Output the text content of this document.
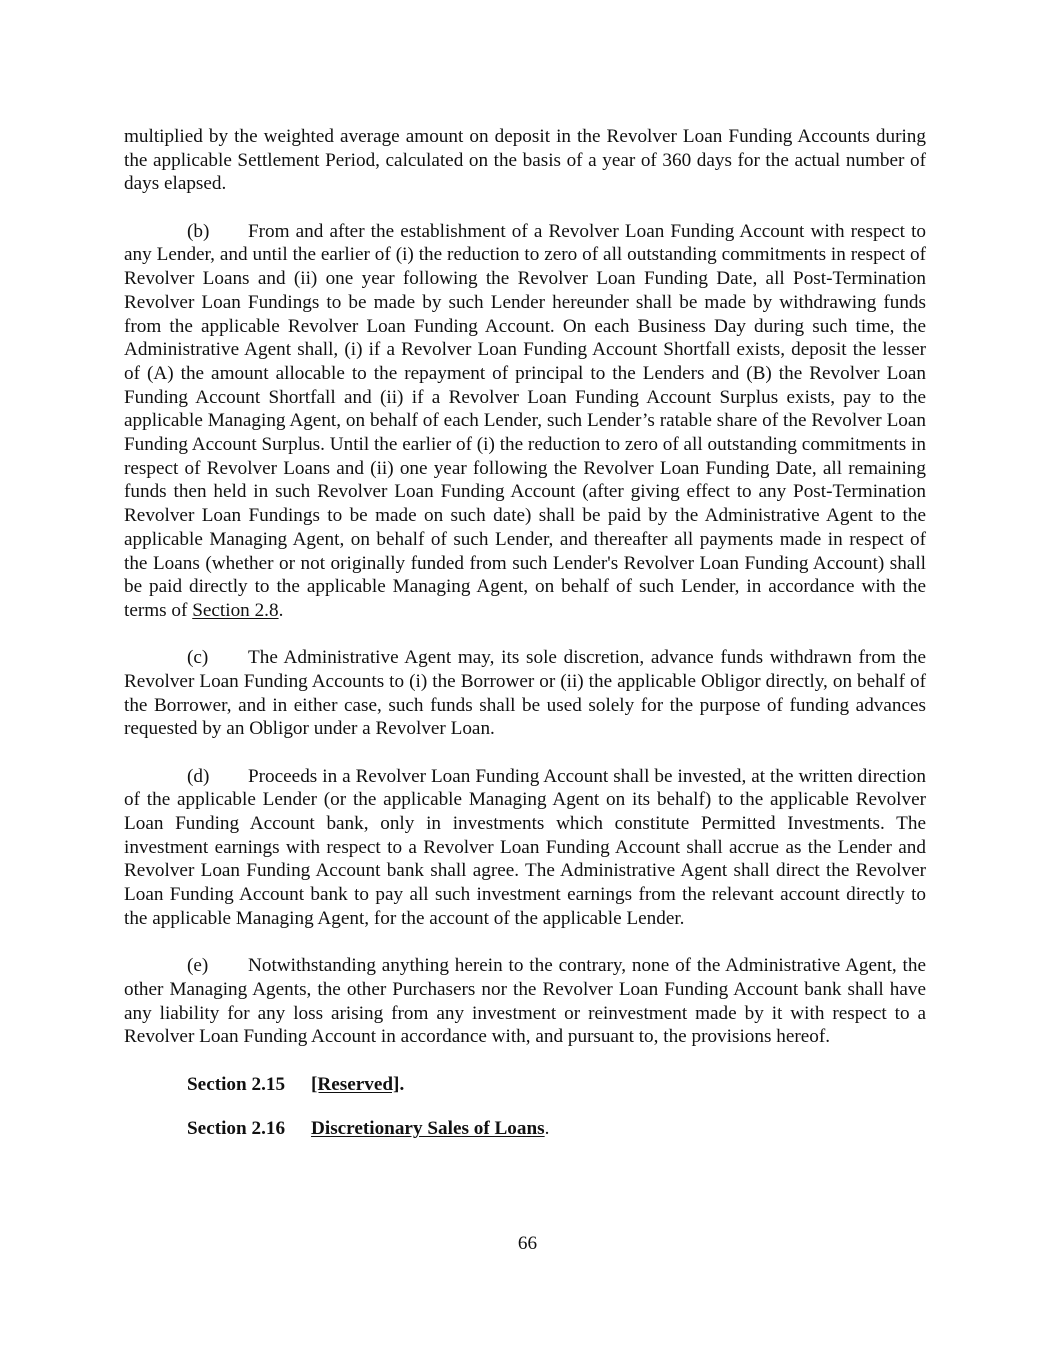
multiplied by the weighted average amount on deposit in the Revolver Loan Funding Accounts during the applicable Settlement Period, calculated on the basis of a year of 360 days for the actual number of days elapsed.

(b) From and after the establishment of a Revolver Loan Funding Account with respect to any Lender, and until the earlier of (i) the reduction to zero of all outstanding commitments in respect of Revolver Loans and (ii) one year following the Revolver Loan Funding Date, all Post-Termination Revolver Loan Fundings to be made by such Lender hereunder shall be made by withdrawing funds from the applicable Revolver Loan Funding Account. On each Business Day during such time, the Administrative Agent shall, (i) if a Revolver Loan Funding Account Shortfall exists, deposit the lesser of (A) the amount allocable to the repayment of principal to the Lenders and (B) the Revolver Loan Funding Account Shortfall and (ii) if a Revolver Loan Funding Account Surplus exists, pay to the applicable Managing Agent, on behalf of each Lender, such Lender’s ratable share of the Revolver Loan Funding Account Surplus. Until the earlier of (i) the reduction to zero of all outstanding commitments in respect of Revolver Loans and (ii) one year following the Revolver Loan Funding Date, all remaining funds then held in such Revolver Loan Funding Account (after giving effect to any Post-Termination Revolver Loan Fundings to be made on such date) shall be paid by the Administrative Agent to the applicable Managing Agent, on behalf of such Lender, and thereafter all payments made in respect of the Loans (whether or not originally funded from such Lender's Revolver Loan Funding Account) shall be paid directly to the applicable Managing Agent, on behalf of such Lender, in accordance with the terms of Section 2.8.

(c) The Administrative Agent may, its sole discretion, advance funds withdrawn from the Revolver Loan Funding Accounts to (i) the Borrower or (ii) the applicable Obligor directly, on behalf of the Borrower, and in either case, such funds shall be used solely for the purpose of funding advances requested by an Obligor under a Revolver Loan.

(d) Proceeds in a Revolver Loan Funding Account shall be invested, at the written direction of the applicable Lender (or the applicable Managing Agent on its behalf) to the applicable Revolver Loan Funding Account bank, only in investments which constitute Permitted Investments. The investment earnings with respect to a Revolver Loan Funding Account shall accrue as the Lender and Revolver Loan Funding Account bank shall agree. The Administrative Agent shall direct the Revolver Loan Funding Account bank to pay all such investment earnings from the relevant account directly to the applicable Managing Agent, for the account of the applicable Lender.

(e) Notwithstanding anything herein to the contrary, none of the Administrative Agent, the other Managing Agents, the other Purchasers nor the Revolver Loan Funding Account bank shall have any liability for any loss arising from any investment or reinvestment made by it with respect to a Revolver Loan Funding Account in accordance with, and pursuant to, the provisions hereof.

Section 2.15 [Reserved].

Section 2.16 Discretionary Sales of Loans.

66
